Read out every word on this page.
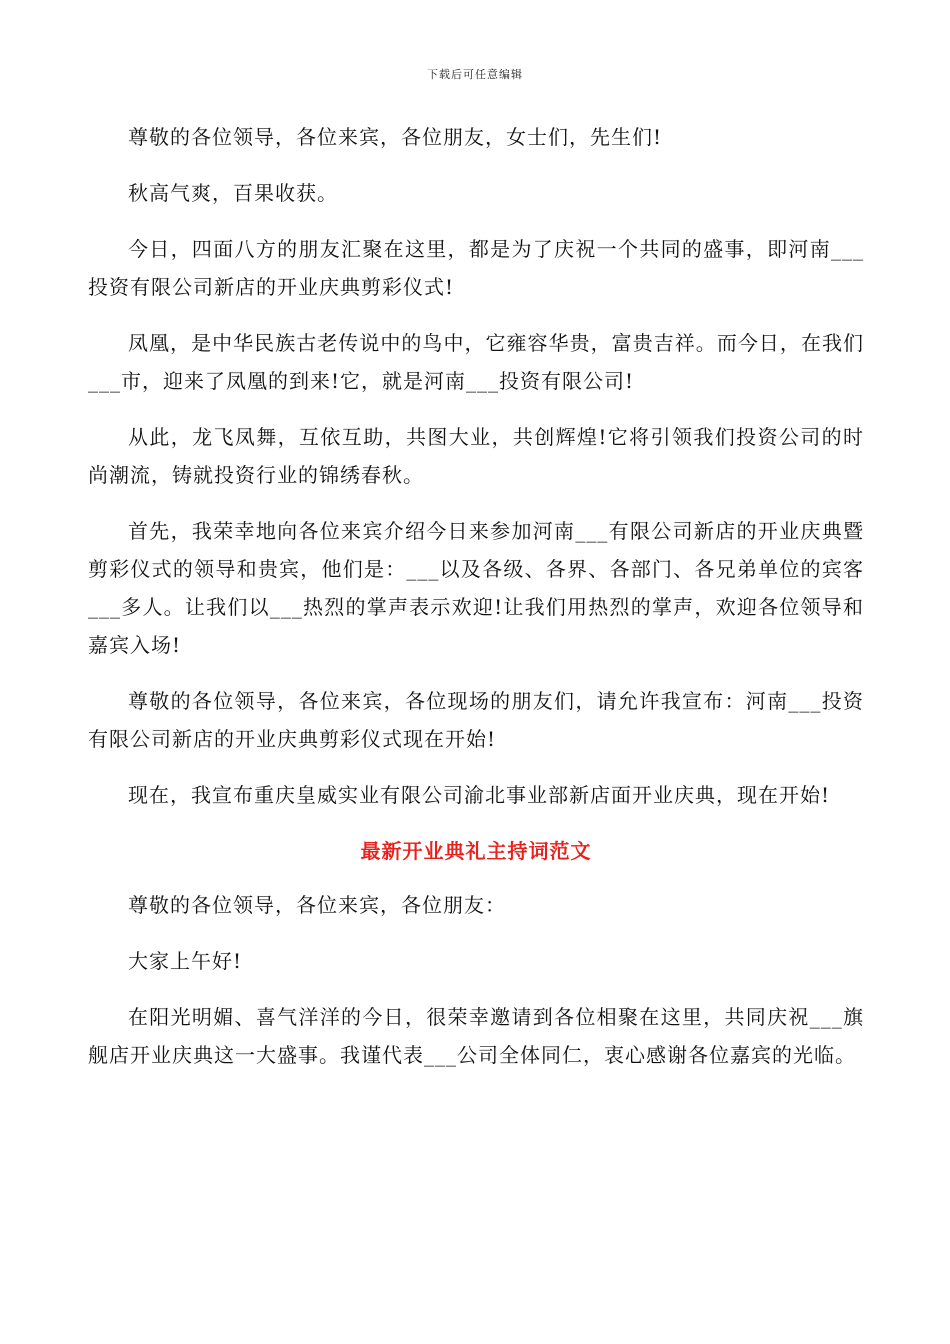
下载后可任意编辑

尊敬的各位领导，各位来宾，各位朋友，女士们，先生们!

秋高气爽，百果收获。

今日，四面八方的朋友汇聚在这里，都是为了庆祝一个共同的盛事，即河南___投资有限公司新店的开业庆典剪彩仪式!

凤凰，是中华民族古老传说中的鸟中，它雍容华贵，富贵吉祥。而今日，在我们___市，迎来了凤凰的到来!它，就是河南___投资有限公司!

从此，龙飞凤舞，互依互助，共图大业，共创辉煌!它将引领我们投资公司的时尚潮流，铸就投资行业的锦绣春秋。

首先，我荣幸地向各位来宾介绍今日来参加河南___有限公司新店的开业庆典暨剪彩仪式的领导和贵宾，他们是：___以及各级、各界、各部门、各兄弟单位的宾客___多人。让我们以___热烈的掌声表示欢迎!让我们用热烈的掌声，欢迎各位领导和嘉宾入场!

尊敬的各位领导，各位来宾，各位现场的朋友们，请允许我宣布：河南___投资有限公司新店的开业庆典剪彩仪式现在开始!

现在，我宣布重庆皇威实业有限公司渝北事业部新店面开业庆典，现在开始!

最新开业典礼主持词范文

尊敬的各位领导，各位来宾，各位朋友：

大家上午好!

在阳光明媚、喜气洋洋的今日，很荣幸邀请到各位相聚在这里，共同庆祝___旗舰店开业庆典这一大盛事。我谨代表___公司全体同仁，衷心感谢各位嘉宾的光临。
